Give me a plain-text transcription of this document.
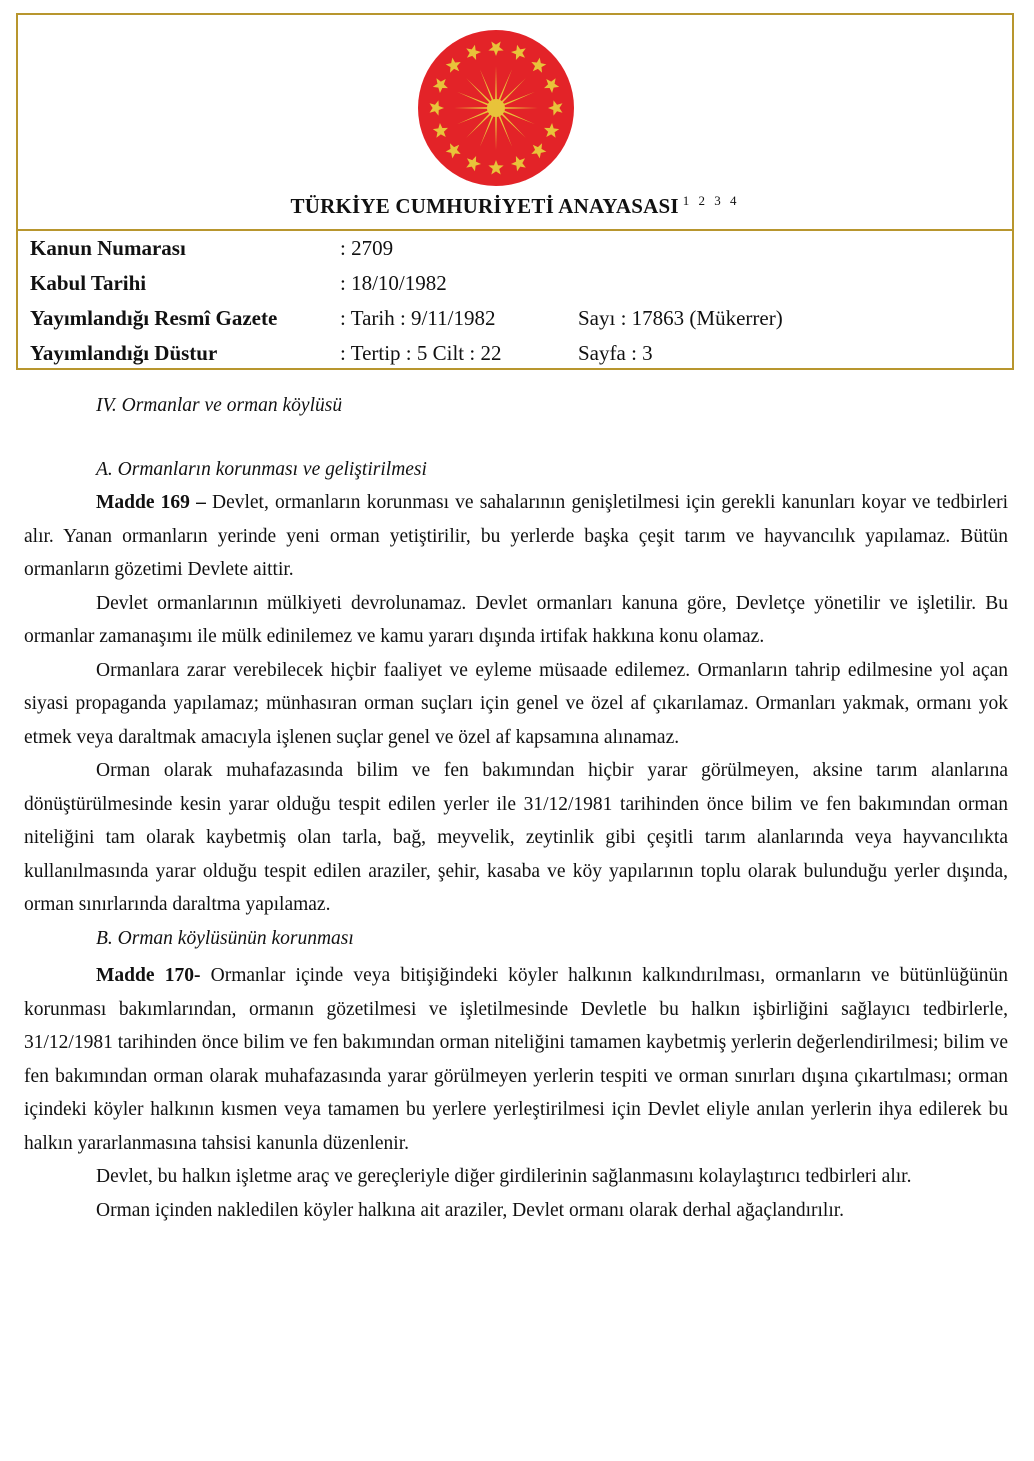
TÜRKİYE CUMHURİYETİ ANAYASASI $^{1 2 3 4}$
Kanun Numarası	: 2709
Kabul Tarihi	: 18/10/1982
Yayımlandığı Resmî Gazete	: Tarih : 9/11/1982	Sayı : 17863 (Mükerrer)
Yayımlandığı Düstur	: Tertip : 5 Cilt : 22	Sayfa : 3
IV. Ormanlar ve orman köylüsü
A. Ormanların korunması ve geliştirilmesi

Madde 169 – Devlet, ormanların korunması ve sahalarının genişletilmesi için gerekli kanunları koyar ve tedbirleri alır. Yanan ormanların yerinde yeni orman yetiştirilir, bu yerlerde başka çeşit tarım ve hayvancılık yapılamaz. Bütün ormanların gözetimi Devlete aittir.

Devlet ormanlarının mülkiyeti devrolunamaz. Devlet ormanları kanuna göre, Devletçe yönetilir ve işletilir. Bu ormanlar zamanaşımı ile mülk edinilemez ve kamu yararı dışında irtifak hakkına konu olamaz.

Ormanlara zarar verebilecek hiçbir faaliyet ve eyleme müsaade edilemez. Ormanların tahrip edilmesine yol açan siyasi propaganda yapılamaz; münhasıran orman suçları için genel ve özel af çıkarılamaz. Ormanları yakmak, ormanı yok etmek veya daraltmak amacıyla işlenen suçlar genel ve özel af kapsamına alınamaz.

Orman olarak muhafazasında bilim ve fen bakımından hiçbir yarar görülmeyen, aksine tarım alanlarına dönüştürülmesinde kesin yarar olduğu tespit edilen yerler ile 31/12/1981 tarihinden önce bilim ve fen bakımından orman niteliğini tam olarak kaybetmiş olan tarla, bağ, meyvelik, zeytinlik gibi çeşitli tarım alanlarında veya hayvancılıkta kullanılmasında yarar olduğu tespit edilen araziler, şehir, kasaba ve köy yapılarının toplu olarak bulunduğu yerler dışında, orman sınırlarında daraltma yapılamaz.

B. Orman köylüsünün korunması

Madde 170- Ormanlar içinde veya bitişiğindeki köyler halkının kalkındırılması, ormanların ve bütünlüğünün korunması bakımlarından, ormanın gözetilmesi ve işletilmesinde Devletle bu halkın işbirliğini sağlayıcı tedbirlerle, 31/12/1981 tarihinden önce bilim ve fen bakımından orman niteliğini tamamen kaybetmiş yerlerin değerlendirilmesi; bilim ve fen bakımından orman olarak muhafazasında yarar görülmeyen yerlerin tespiti ve orman sınırları dışına çıkartılması; orman içindeki köyler halkının kısmen veya tamamen bu yerlere yerleştirilmesi için Devlet eliyle anılan yerlerin ihya edilerek bu halkın yararlanmasına tahsisi kanunla düzenlenir.

Devlet, bu halkın işletme araç ve gereçleriyle diğer girdilerinin sağlanmasını kolaylaştırıcı tedbirleri alır.

Orman içinden nakledilen köyler halkına ait araziler, Devlet ormanı olarak derhal ağaçlandırılır.
